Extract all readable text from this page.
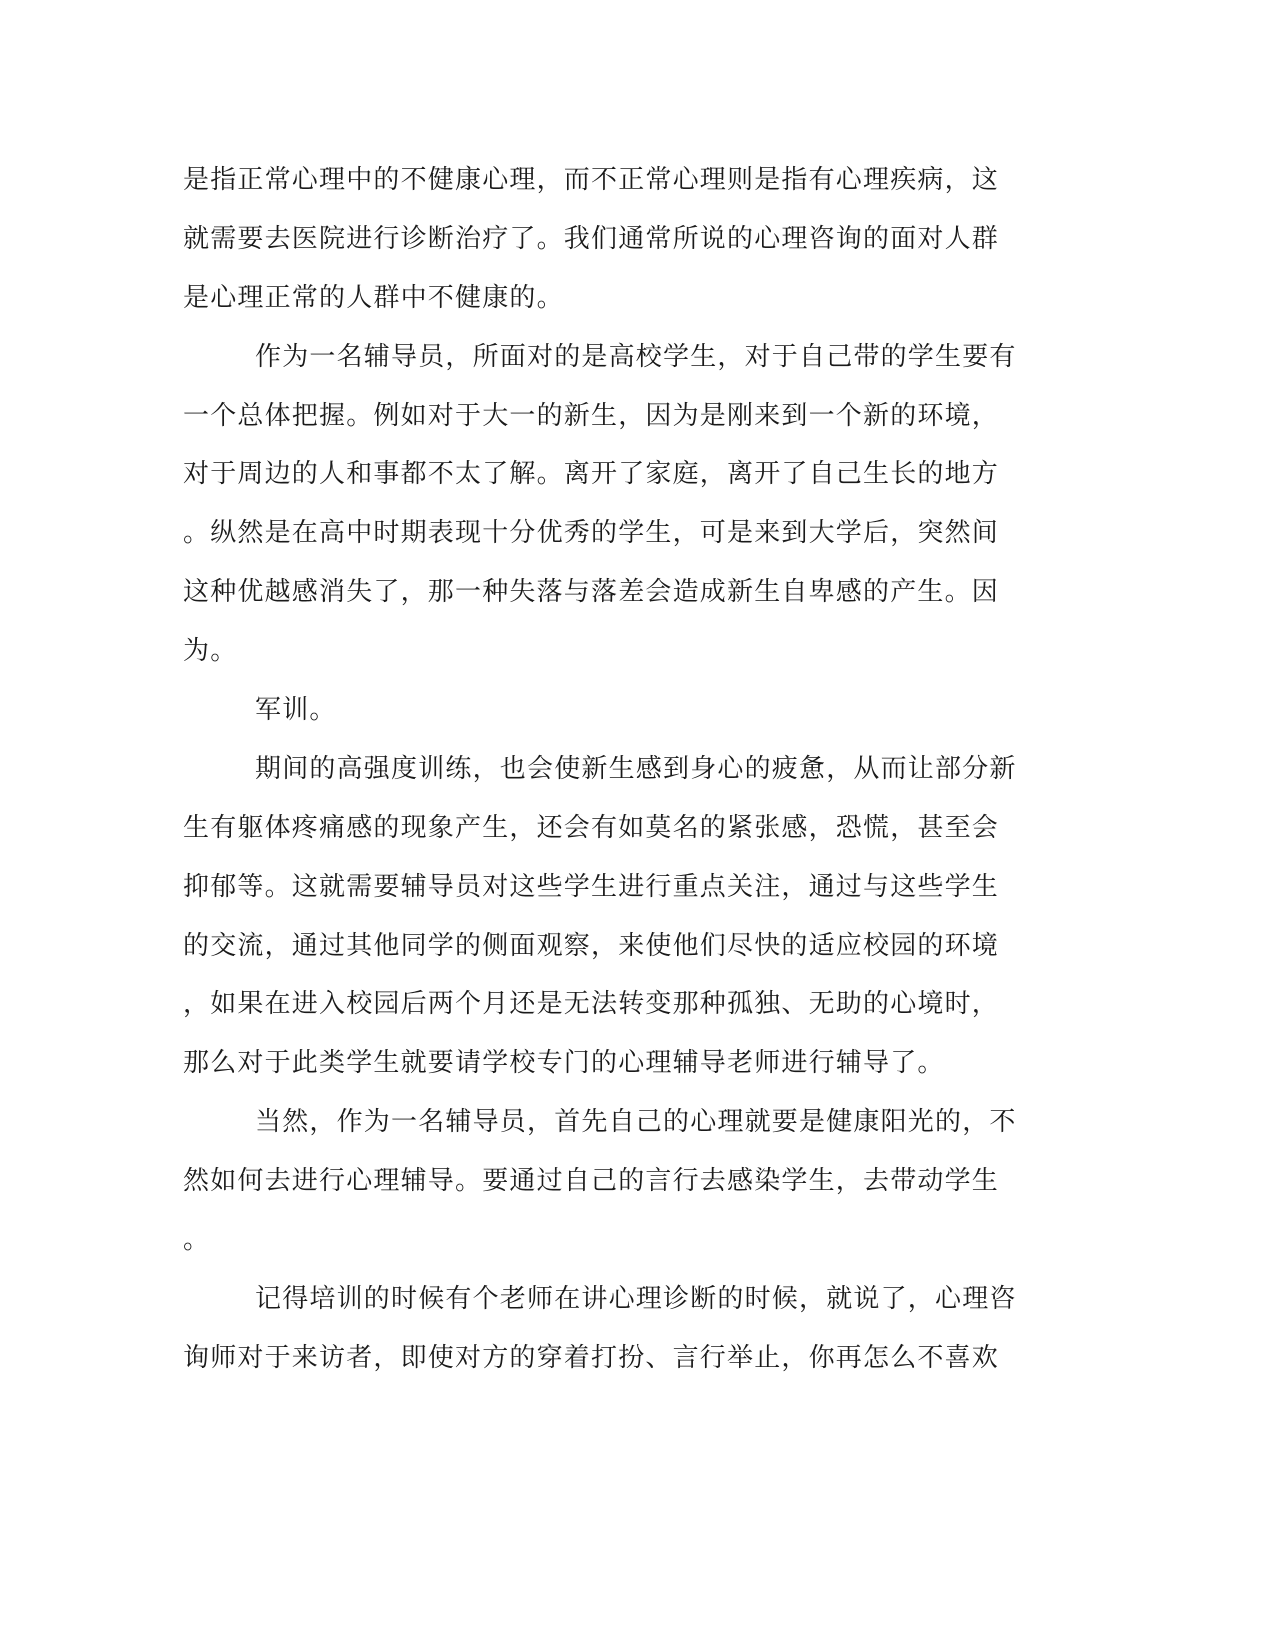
是指正常心理中的不健康心理，而不正常心理则是指有心理疾病，这
就需要去医院进行诊断治疗了。我们通常所说的心理咨询的面对人群
是心理正常的人群中不健康的。
作为一名辅导员，所面对的是高校学生，对于自己带的学生要有
一个总体把握。例如对于大一的新生，因为是刚来到一个新的环境，
对于周边的人和事都不太了解。离开了家庭，离开了自己生长的地方
。纵然是在高中时期表现十分优秀的学生，可是来到大学后，突然间
这种优越感消失了，那一种失落与落差会造成新生自卑感的产生。因
为。
军训。
期间的高强度训练，也会使新生感到身心的疲惫，从而让部分新
生有躯体疼痛感的现象产生，还会有如莫名的紧张感，恐慌，甚至会
抑郁等。这就需要辅导员对这些学生进行重点关注，通过与这些学生
的交流，通过其他同学的侧面观察，来使他们尽快的适应校园的环境
，如果在进入校园后两个月还是无法转变那种孤独、无助的心境时，
那么对于此类学生就要请学校专门的心理辅导老师进行辅导了。
当然，作为一名辅导员，首先自己的心理就要是健康阳光的，不
然如何去进行心理辅导。要通过自己的言行去感染学生，去带动学生
。
记得培训的时候有个老师在讲心理诊断的时候，就说了，心理咨
询师对于来访者，即使对方的穿着打扮、言行举止，你再怎么不喜欢
